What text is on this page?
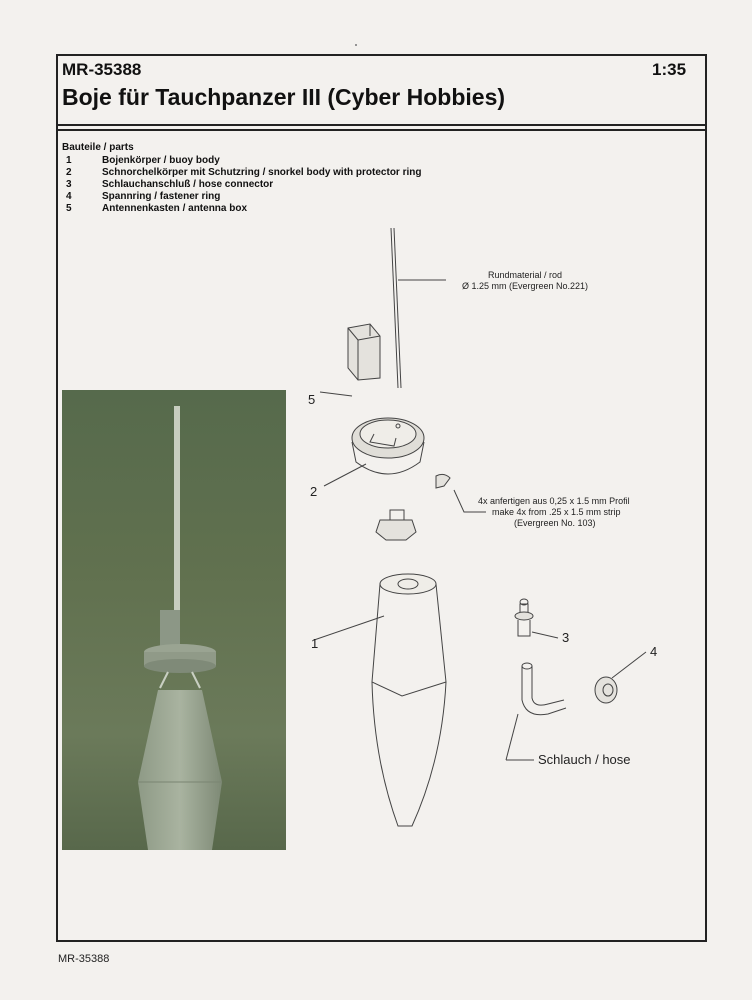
MR-35388	1:35
Boje für Tauchpanzer III (Cyber Hobbies)
Bauteile / parts
1	Bojenkörper / buoy body
2	Schnorchelkörper mit Schutzring / snorkel body with protector ring
3	Schlauchanschluß / hose connector
4	Spannring / fastener ring
5	Antennenkasten / antenna box
Rundmaterial / rod
Ø 1.25 mm (Evergreen No.221)
4x anfertigen aus 0,25 x 1.5 mm Profil
make 4x from .25 x 1.5 mm strip
(Evergreen No. 103)
1
2
3
4
5
Schlauch / hose
MR-35388
